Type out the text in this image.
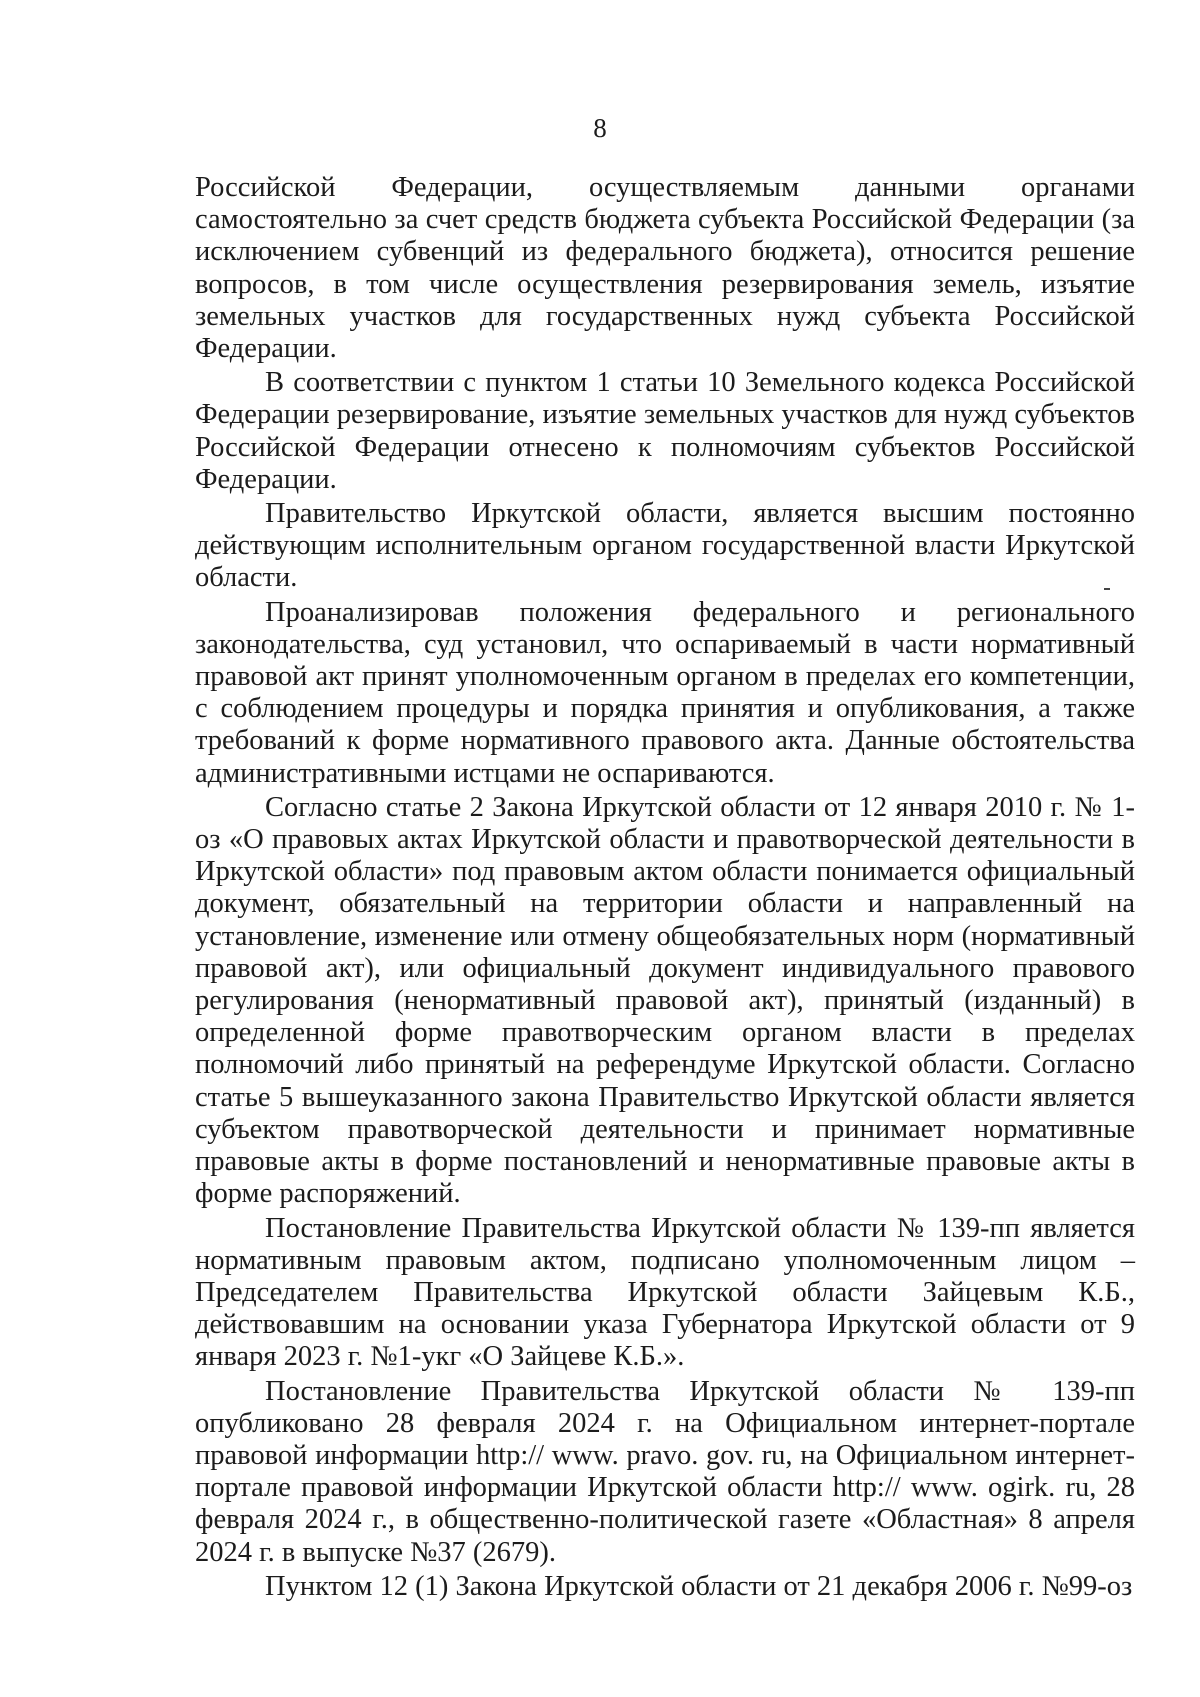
8

Российской Федерации, осуществляемым данными органами самостоятельно за счет средств бюджета субъекта Российской Федерации (за исключением субвенций из федерального бюджета), относится решение вопросов, в том числе осуществления резервирования земель, изъятие земельных участков для государственных нужд субъекта Российской Федерации.

В соответствии с пунктом 1 статьи 10 Земельного кодекса Российской Федерации резервирование, изъятие земельных участков для нужд субъектов Российской Федерации отнесено к полномочиям субъектов Российской Федерации.

Правительство Иркутской области, является высшим постоянно действующим исполнительным органом государственной власти Иркутской области.

Проанализировав положения федерального и регионального законодательства, суд установил, что оспариваемый в части нормативный правовой акт принят уполномоченным органом в пределах его компетенции, с соблюдением процедуры и порядка принятия и опубликования, а также требований к форме нормативного правового акта. Данные обстоятельства административными истцами не оспариваются.

Согласно статье 2 Закона Иркутской области от 12 января 2010 г. № 1-оз «О правовых актах Иркутской области и правотворческой деятельности в Иркутской области» под правовым актом области понимается официальный документ, обязательный на территории области и направленный на установление, изменение или отмену общеобязательных норм (нормативный правовой акт), или официальный документ индивидуального правового регулирования (ненормативный правовой акт), принятый (изданный) в определенной форме правотворческим органом власти в пределах полномочий либо принятый на референдуме Иркутской области. Согласно статье 5 вышеуказанного закона Правительство Иркутской области является субъектом правотворческой деятельности и принимает нормативные правовые акты в форме постановлений и ненормативные правовые акты в форме распоряжений.

Постановление Правительства Иркутской области № 139-пп является нормативным правовым актом, подписано уполномоченным лицом – Председателем Правительства Иркутской области Зайцевым К.Б., действовавшим на основании указа Губернатора Иркутской области от 9 января 2023 г. №1-укг «О Зайцеве К.Б.».

Постановление Правительства Иркутской области № 139-пп опубликовано 28 февраля 2024 г. на Официальном интернет-портале правовой информации http:// www. pravo. gov. ru, на Официальном интернет-портале правовой информации Иркутской области http:// www. ogirk. ru, 28 февраля 2024 г., в общественно-политической газете «Областная» 8 апреля 2024 г. в выпуске №37 (2679).

Пунктом 12 (1) Закона Иркутской области от 21 декабря 2006 г. №99-оз
